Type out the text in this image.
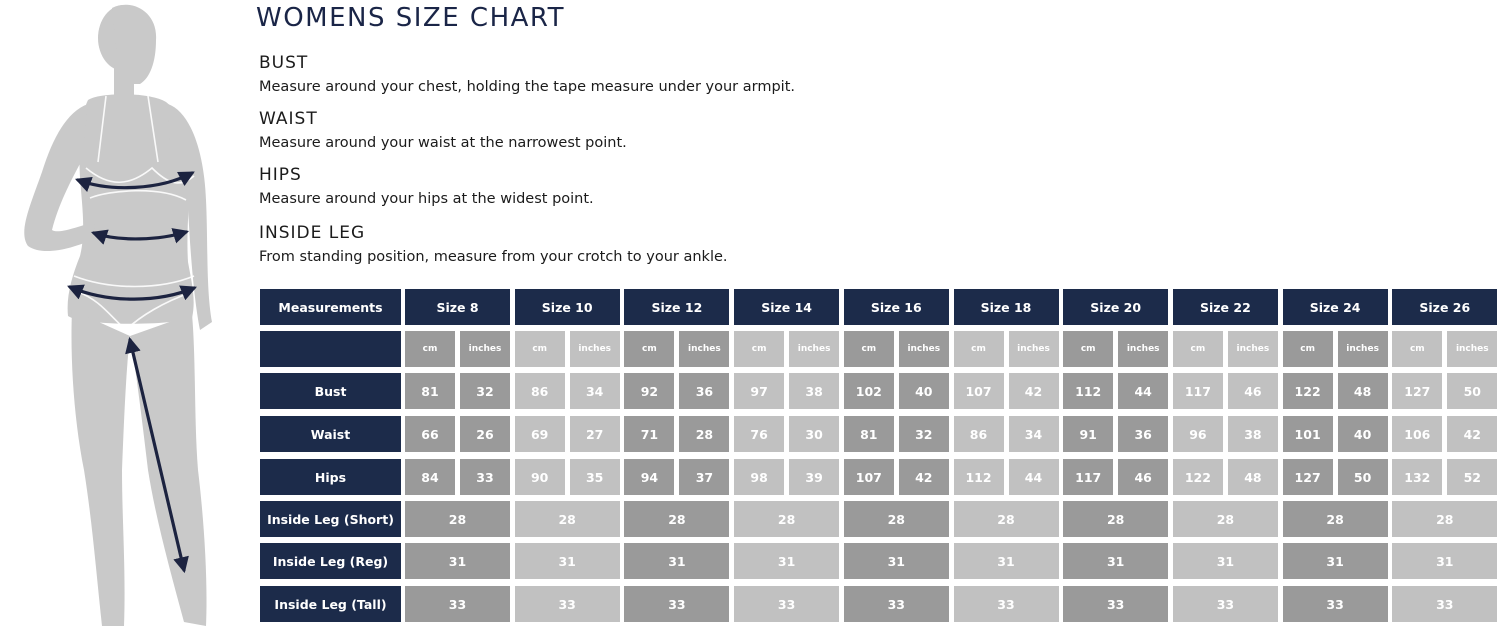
WOMENS SIZE CHART
BUST
Measure around your chest, holding the tape measure under your armpit.
WAIST
Measure around your waist at the narrowest point.
HIPS
Measure around your hips at the widest point.
INSIDE LEG
From standing position, measure from your crotch to your ankle.
Measurements	Size 8	Size 10	Size 12	Size 14	Size 16	Size 18	Size 20	Size 22	Size 24	Size 26
cm	inches	cm	inches	cm	inches	cm	inches	cm	inches	cm	inches	cm	inches	cm	inches	cm	inches	cm	inches
Bust	81	32	86	34	92	36	97	38	102	40	107	42	112	44	117	46	122	48	127	50
Waist	66	26	69	27	71	28	76	30	81	32	86	34	91	36	96	38	101	40	106	42
Hips	84	33	90	35	94	37	98	39	107	42	112	44	117	46	122	48	127	50	132	52
Inside Leg (Short)	28	28	28	28	28	28	28	28	28	28
Inside Leg (Reg)	31	31	31	31	31	31	31	31	31	31
Inside Leg (Tall)	33	33	33	33	33	33	33	33	33	33
